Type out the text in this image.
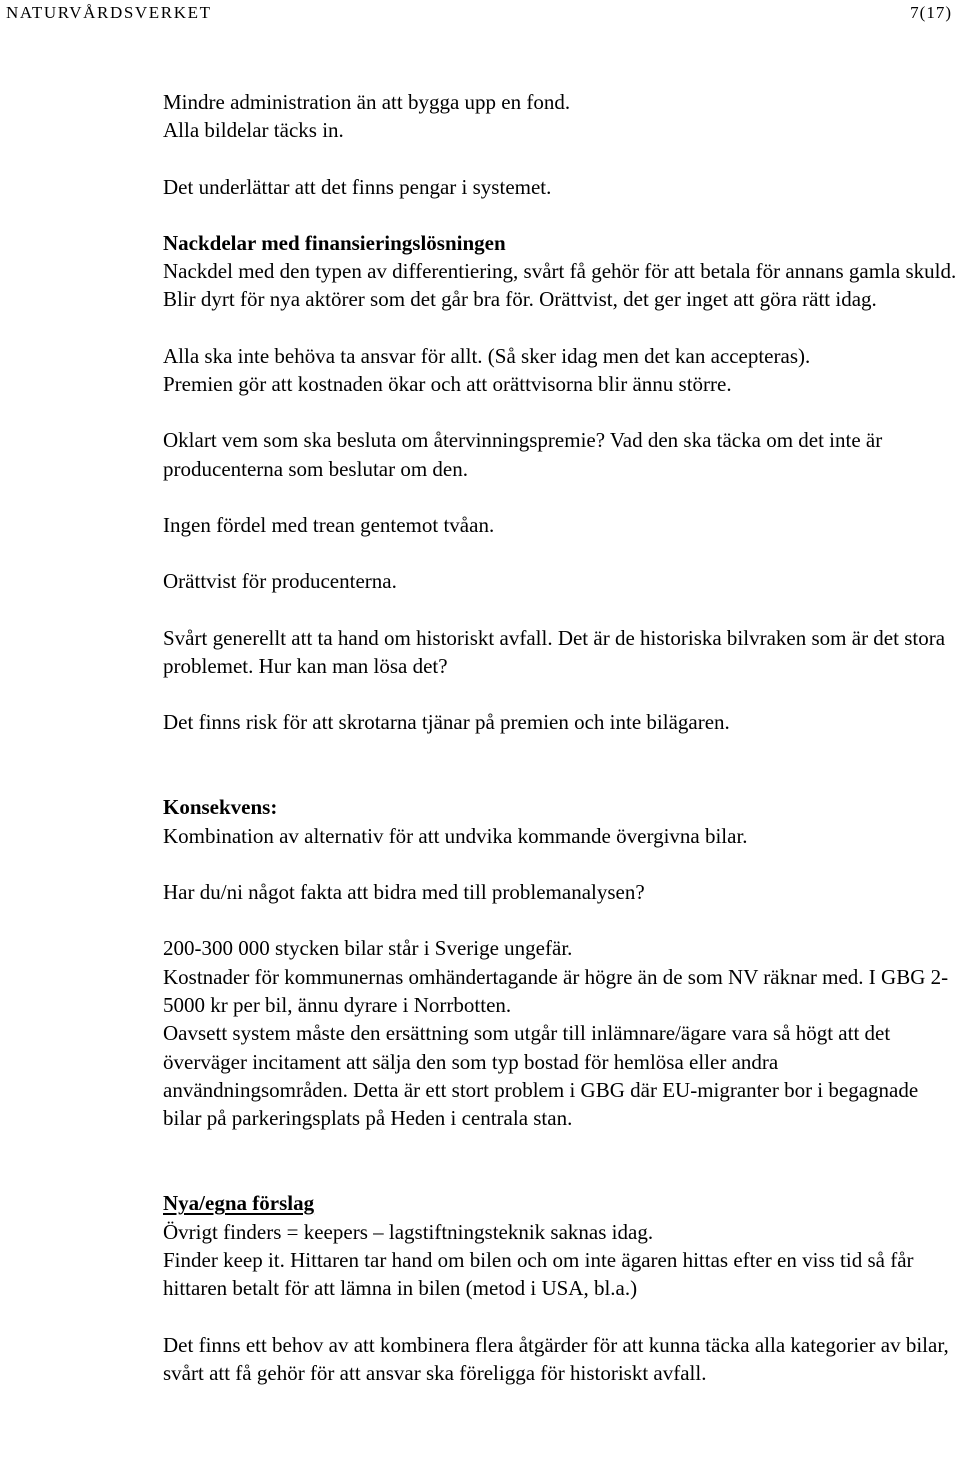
NATURVÅRDSVERKET	7(17)

Mindre administration än att bygga upp en fond.

Alla bildelar täcks in.

Det underlättar att det finns pengar i systemet.

Nackdelar med finansieringslösningen

Nackdel med den typen av differentiering, svårt få gehör för att betala för annans gamla skuld. Blir dyrt för nya aktörer som det går bra för. Orättvist, det ger inget att göra rätt idag.

Alla ska inte behöva ta ansvar för allt. (Så sker idag men det kan accepteras).

Premien gör att kostnaden ökar och att orättvisorna blir ännu större.

Oklart vem som ska besluta om återvinningspremie? Vad den ska täcka om det inte är producenterna som beslutar om den.

Ingen fördel med trean gentemot tvåan.

Orättvist för producenterna.

Svårt generellt att ta hand om historiskt avfall. Det är de historiska bilvraken som är det stora problemet. Hur kan man lösa det?

Det finns risk för att skrotarna tjänar på premien och inte bilägaren.

Konsekvens:

Kombination av alternativ för att undvika kommande övergivna bilar.

Har du/ni något fakta att bidra med till problemanalysen?

200-300 000 stycken bilar står i Sverige ungefär.

Kostnader för kommunernas omhändertagande är högre än de som NV räknar med. I GBG 2-5000 kr per bil, ännu dyrare i Norrbotten.

Oavsett system måste den ersättning som utgår till inlämnare/ägare vara så högt att det överväger incitament att sälja den som typ bostad för hemlösa eller andra användningsområden. Detta är ett stort problem i GBG där EU-migranter bor i begagnade bilar på parkeringsplats på Heden i centrala stan.

Nya/egna förslag

Övrigt finders = keepers – lagstiftningsteknik saknas idag.

Finder keep it. Hittaren tar hand om bilen och om inte ägaren hittas efter en viss tid så får hittaren betalt för att lämna in bilen (metod i USA, bl.a.)

Det finns ett behov av att kombinera flera åtgärder för att kunna täcka alla kategorier av bilar, svårt att få gehör för att ansvar ska föreligga för historiskt avfall.
